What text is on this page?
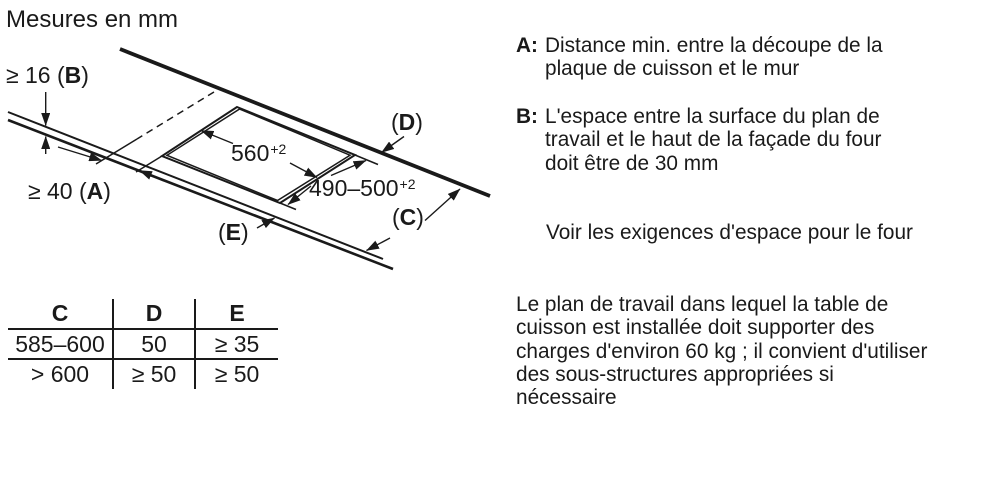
Mesures en mm
≥ 16 (B)
≥ 40 (A)
$560^{+2}$
$490-500^{+2}$
(D)
(C)
(E)
C	D	E
585–600	50	≥ 35
> 600	≥ 50	≥ 50
A: Distance min. entre la découpe de la
plaque de cuisson et le mur
B: L'espace entre la surface du plan de
travail et le haut de la façade du four
doit être de 30 mm
Voir les exigences d'espace pour le four
Le plan de travail dans lequel la table de
cuisson est installée doit supporter des
charges d'environ 60 kg ; il convient d'utiliser
des sous-structures appropriées si
nécessaire
